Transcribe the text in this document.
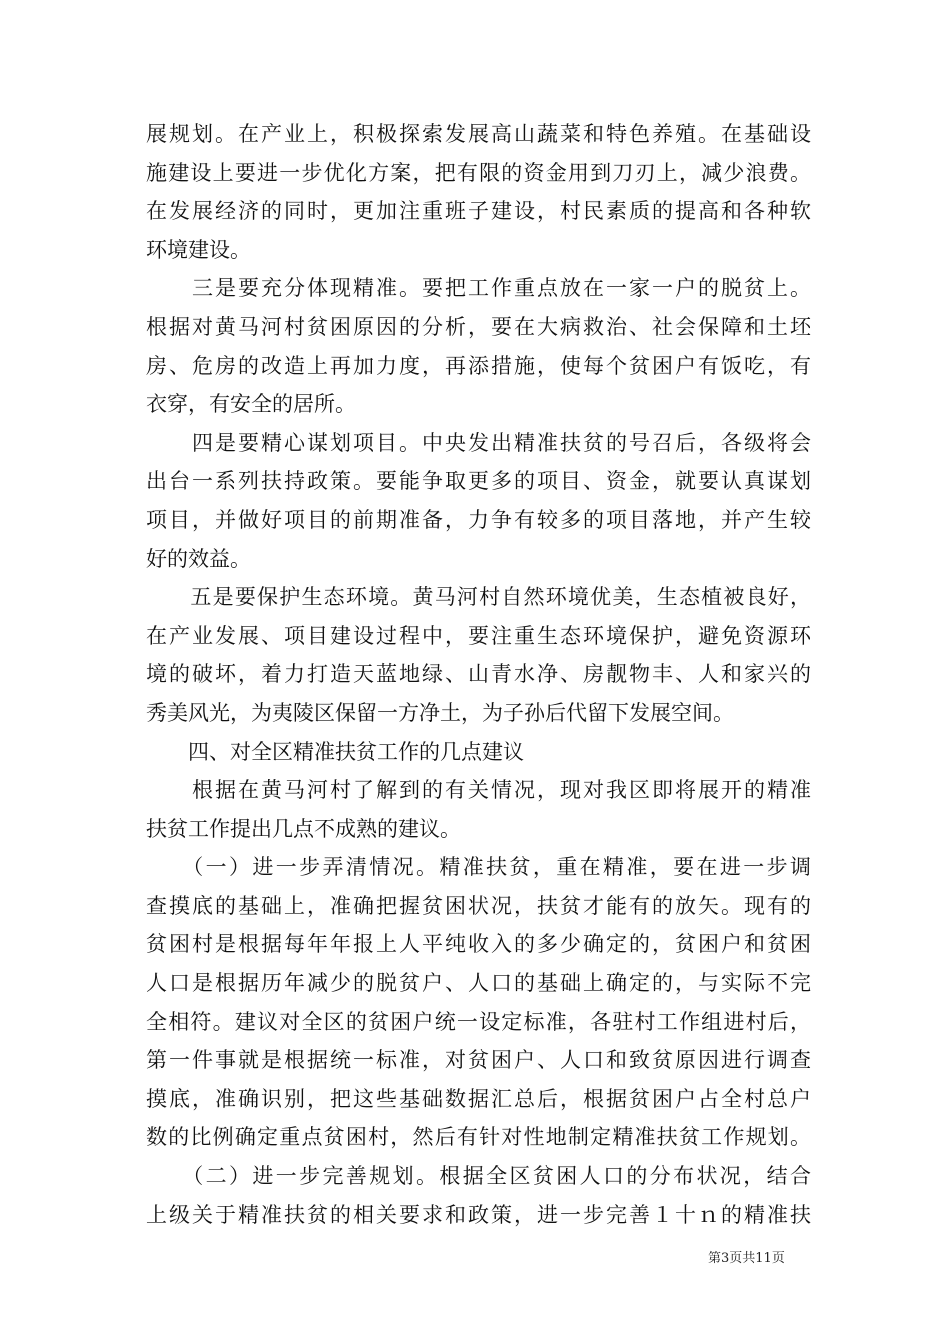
展规划。在产业上，积极探索发展高山蔬菜和特色养殖。在基础设
施建设上要进一步优化方案，把有限的资金用到刀刃上，减少浪费。
在发展经济的同时，更加注重班子建设，村民素质的提高和各种软
环境建设。
　　三是要充分体现精准。要把工作重点放在一家一户的脱贫上。
根据对黄马河村贫困原因的分析，要在大病救治、社会保障和土坯
房、危房的改造上再加力度，再添措施，使每个贫困户有饭吃，有
衣穿，有安全的居所。
　　四是要精心谋划项目。中央发出精准扶贫的号召后，各级将会
出台一系列扶持政策。要能争取更多的项目、资金，就要认真谋划
项目，并做好项目的前期准备，力争有较多的项目落地，并产生较
好的效益。
　　五是要保护生态环境。黄马河村自然环境优美，生态植被良好，
在产业发展、项目建设过程中，要注重生态环境保护，避免资源环
境的破坏，着力打造天蓝地绿、山青水净、房靓物丰、人和家兴的
秀美风光，为夷陵区保留一方净土，为子孙后代留下发展空间。
　　四、对全区精准扶贫工作的几点建议
　　根据在黄马河村了解到的有关情况，现对我区即将展开的精准
扶贫工作提出几点不成熟的建议。
　　（一）进一步弄清情况。精准扶贫，重在精准，要在进一步调
查摸底的基础上，准确把握贫困状况，扶贫才能有的放矢。现有的
贫困村是根据每年年报上人平纯收入的多少确定的，贫困户和贫困
人口是根据历年减少的脱贫户、人口的基础上确定的，与实际不完
全相符。建议对全区的贫困户统一设定标准，各驻村工作组进村后，
第一件事就是根据统一标准，对贫困户、人口和致贫原因进行调查
摸底，准确识别，把这些基础数据汇总后，根据贫困户占全村总户
数的比例确定重点贫困村，然后有针对性地制定精准扶贫工作规划。
　　（二）进一步完善规划。根据全区贫困人口的分布状况，结合
上级关于精准扶贫的相关要求和政策，进一步完善１十ｎ的精准扶
第3页共11页
